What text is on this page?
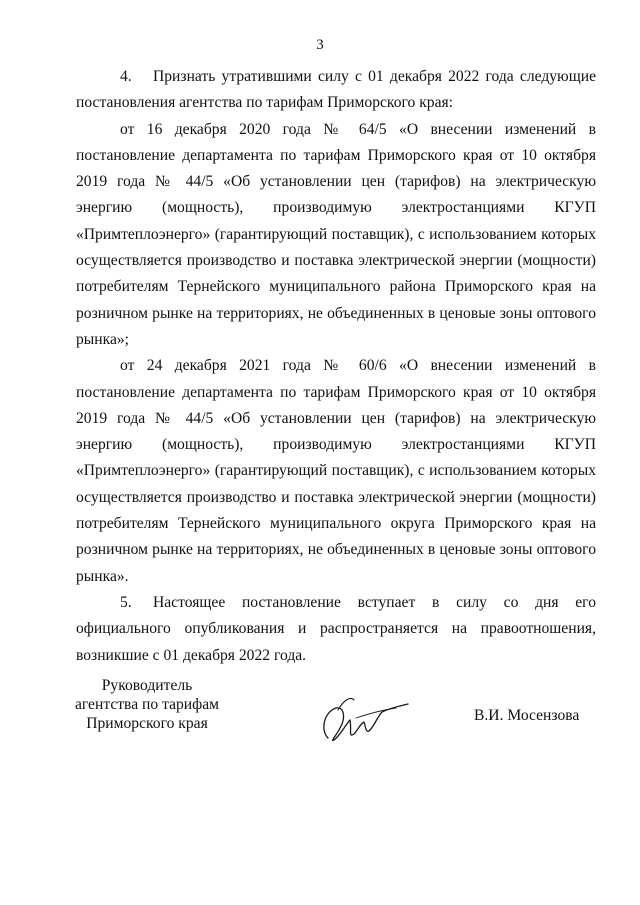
3

4. Признать утратившими силу с 01 декабря 2022 года следующие постановления агентства по тарифам Приморского края:

от 16 декабря 2020 года № 64/5 «О внесении изменений в постановление департамента по тарифам Приморского края от 10 октября 2019 года № 44/5 «Об установлении цен (тарифов) на электрическую энергию (мощность), производимую электростанциями КГУП «Примтеплоэнерго» (гарантирующий поставщик), с использованием которых осуществляется производство и поставка электрической энергии (мощности) потребителям Тернейского муниципального района Приморского края на розничном рынке на территориях, не объединенных в ценовые зоны оптового рынка»;

от 24 декабря 2021 года № 60/6 «О внесении изменений в постановление департамента по тарифам Приморского края от 10 октября 2019 года № 44/5 «Об установлении цен (тарифов) на электрическую энергию (мощность), производимую электростанциями КГУП «Примтеплоэнерго» (гарантирующий поставщик), с использованием которых осуществляется производство и поставка электрической энергии (мощности) потребителям Тернейского муниципального округа Приморского края на розничном рынке на территориях, не объединенных в ценовые зоны оптового рынка».

5. Настоящее постановление вступает в силу со дня его официального опубликования и распространяется на правоотношения, возникшие с 01 декабря 2022 года.

Руководитель
агентства по тарифам
Приморского края	В.И. Мосензова
